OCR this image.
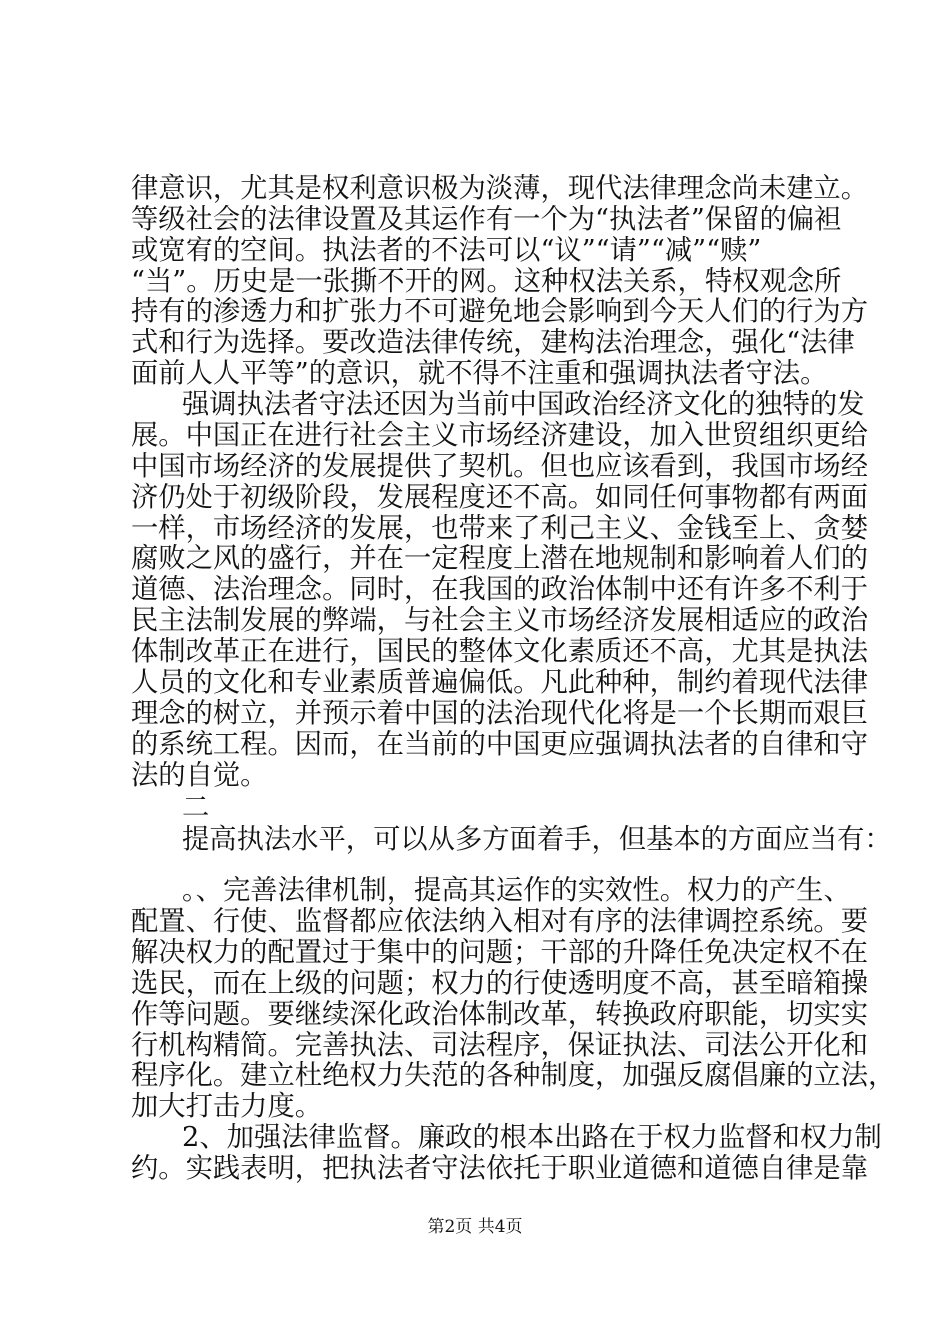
律意识，尤其是权利意识极为淡薄，现代法律理念尚未建立。
等级社会的法律设置及其运作有一个为“执法者”保留的偏袒
或宽宥的空间。执法者的不法可以“议”“请”“减”“赎”
“当”。历史是一张撕不开的网。这种权法关系，特权观念所
持有的渗透力和扩张力不可避免地会影响到今天人们的行为方
式和行为选择。要改造法律传统，建构法治理念，强化“法律
面前人人平等”的意识，就不得不注重和强调执法者守法。
强调执法者守法还因为当前中国政治经济文化的独特的发
展。中国正在进行社会主义市场经济建设，加入世贸组织更给
中国市场经济的发展提供了契机。但也应该看到，我国市场经
济仍处于初级阶段，发展程度还不高。如同任何事物都有两面
一样，市场经济的发展，也带来了利己主义、金钱至上、贪婪
腐败之风的盛行，并在一定程度上潜在地规制和影响着人们的
道德、法治理念。同时，在我国的政治体制中还有许多不利于
民主法制发展的弊端，与社会主义市场经济发展相适应的政治
体制改革正在进行，国民的整体文化素质还不高，尤其是执法
人员的文化和专业素质普遍偏低。凡此种种，制约着现代法律
理念的树立，并预示着中国的法治现代化将是一个长期而艰巨
的系统工程。因而，在当前的中国更应强调执法者的自律和守
法的自觉。
二
提高执法水平，可以从多方面着手，但基本的方面应当有：
。、完善法律机制，提高其运作的实效性。权力的产生、
配置、行使、监督都应依法纳入相对有序的法律调控系统。要
解决权力的配置过于集中的问题；干部的升降任免决定权不在
选民，而在上级的问题；权力的行使透明度不高，甚至暗箱操
作等问题。要继续深化政治体制改革，转换政府职能，切实实
行机构精简。完善执法、司法程序，保证执法、司法公开化和
程序化。建立杜绝权力失范的各种制度，加强反腐倡廉的立法，
加大打击力度。
2、加强法律监督。廉政的根本出路在于权力监督和权力制
约。实践表明，把执法者守法依托于职业道德和道德自律是靠
第2页 共4页
